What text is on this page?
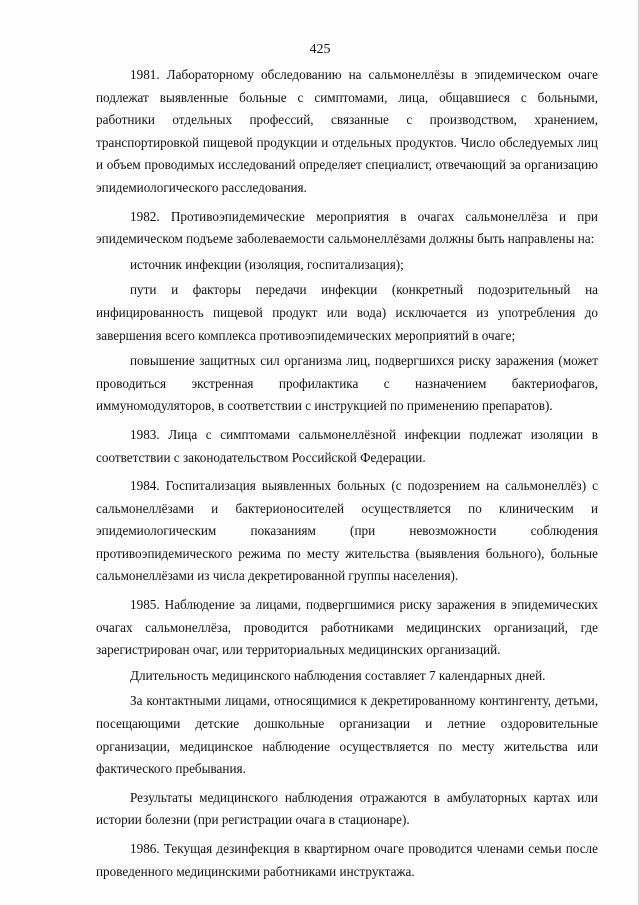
425

1981. Лабораторному обследованию на сальмонеллёзы в эпидемическом очаге подлежат выявленные больные с симптомами, лица, общавшиеся с больными, работники отдельных профессий, связанные с производством, хранением, транспортировкой пищевой продукции и отдельных продуктов. Число обследуемых лиц и объем проводимых исследований определяет специалист, отвечающий за организацию эпидемиологического расследования.

1982. Противоэпидемические мероприятия в очагах сальмонеллёза и при эпидемическом подъеме заболеваемости сальмонеллёзами должны быть направлены на:

источник инфекции (изоляция, госпитализация);

пути и факторы передачи инфекции (конкретный подозрительный на инфицированность пищевой продукт или вода) исключается из употребления до завершения всего комплекса противоэпидемических мероприятий в очаге;

повышение защитных сил организма лиц, подвергшихся риску заражения (может проводиться экстренная профилактика с назначением бактериофагов, иммуномодуляторов, в соответствии с инструкцией по применению препаратов).

1983. Лица с симптомами сальмонеллёзной инфекции подлежат изоляции в соответствии с законодательством Российской Федерации.

1984. Госпитализация выявленных больных (с подозрением на сальмонеллёз) с сальмонеллёзами и бактерионосителей осуществляется по клиническим и эпидемиологическим показаниям (при невозможности соблюдения противоэпидемического режима по месту жительства (выявления больного), больные сальмонеллёзами из числа декретированной группы населения).

1985. Наблюдение за лицами, подвергшимися риску заражения в эпидемических очагах сальмонеллёза, проводится работниками медицинских организаций, где зарегистрирован очаг, или территориальных медицинских организаций.

Длительность медицинского наблюдения составляет 7 календарных дней.

За контактными лицами, относящимися к декретированному контингенту, детьми, посещающими детские дошкольные организации и летние оздоровительные организации, медицинское наблюдение осуществляется по месту жительства или фактического пребывания.

Результаты медицинского наблюдения отражаются в амбулаторных картах или истории болезни (при регистрации очага в стационаре).

1986. Текущая дезинфекция в квартирном очаге проводится членами семьи после проведенного медицинскими работниками инструктажа.
